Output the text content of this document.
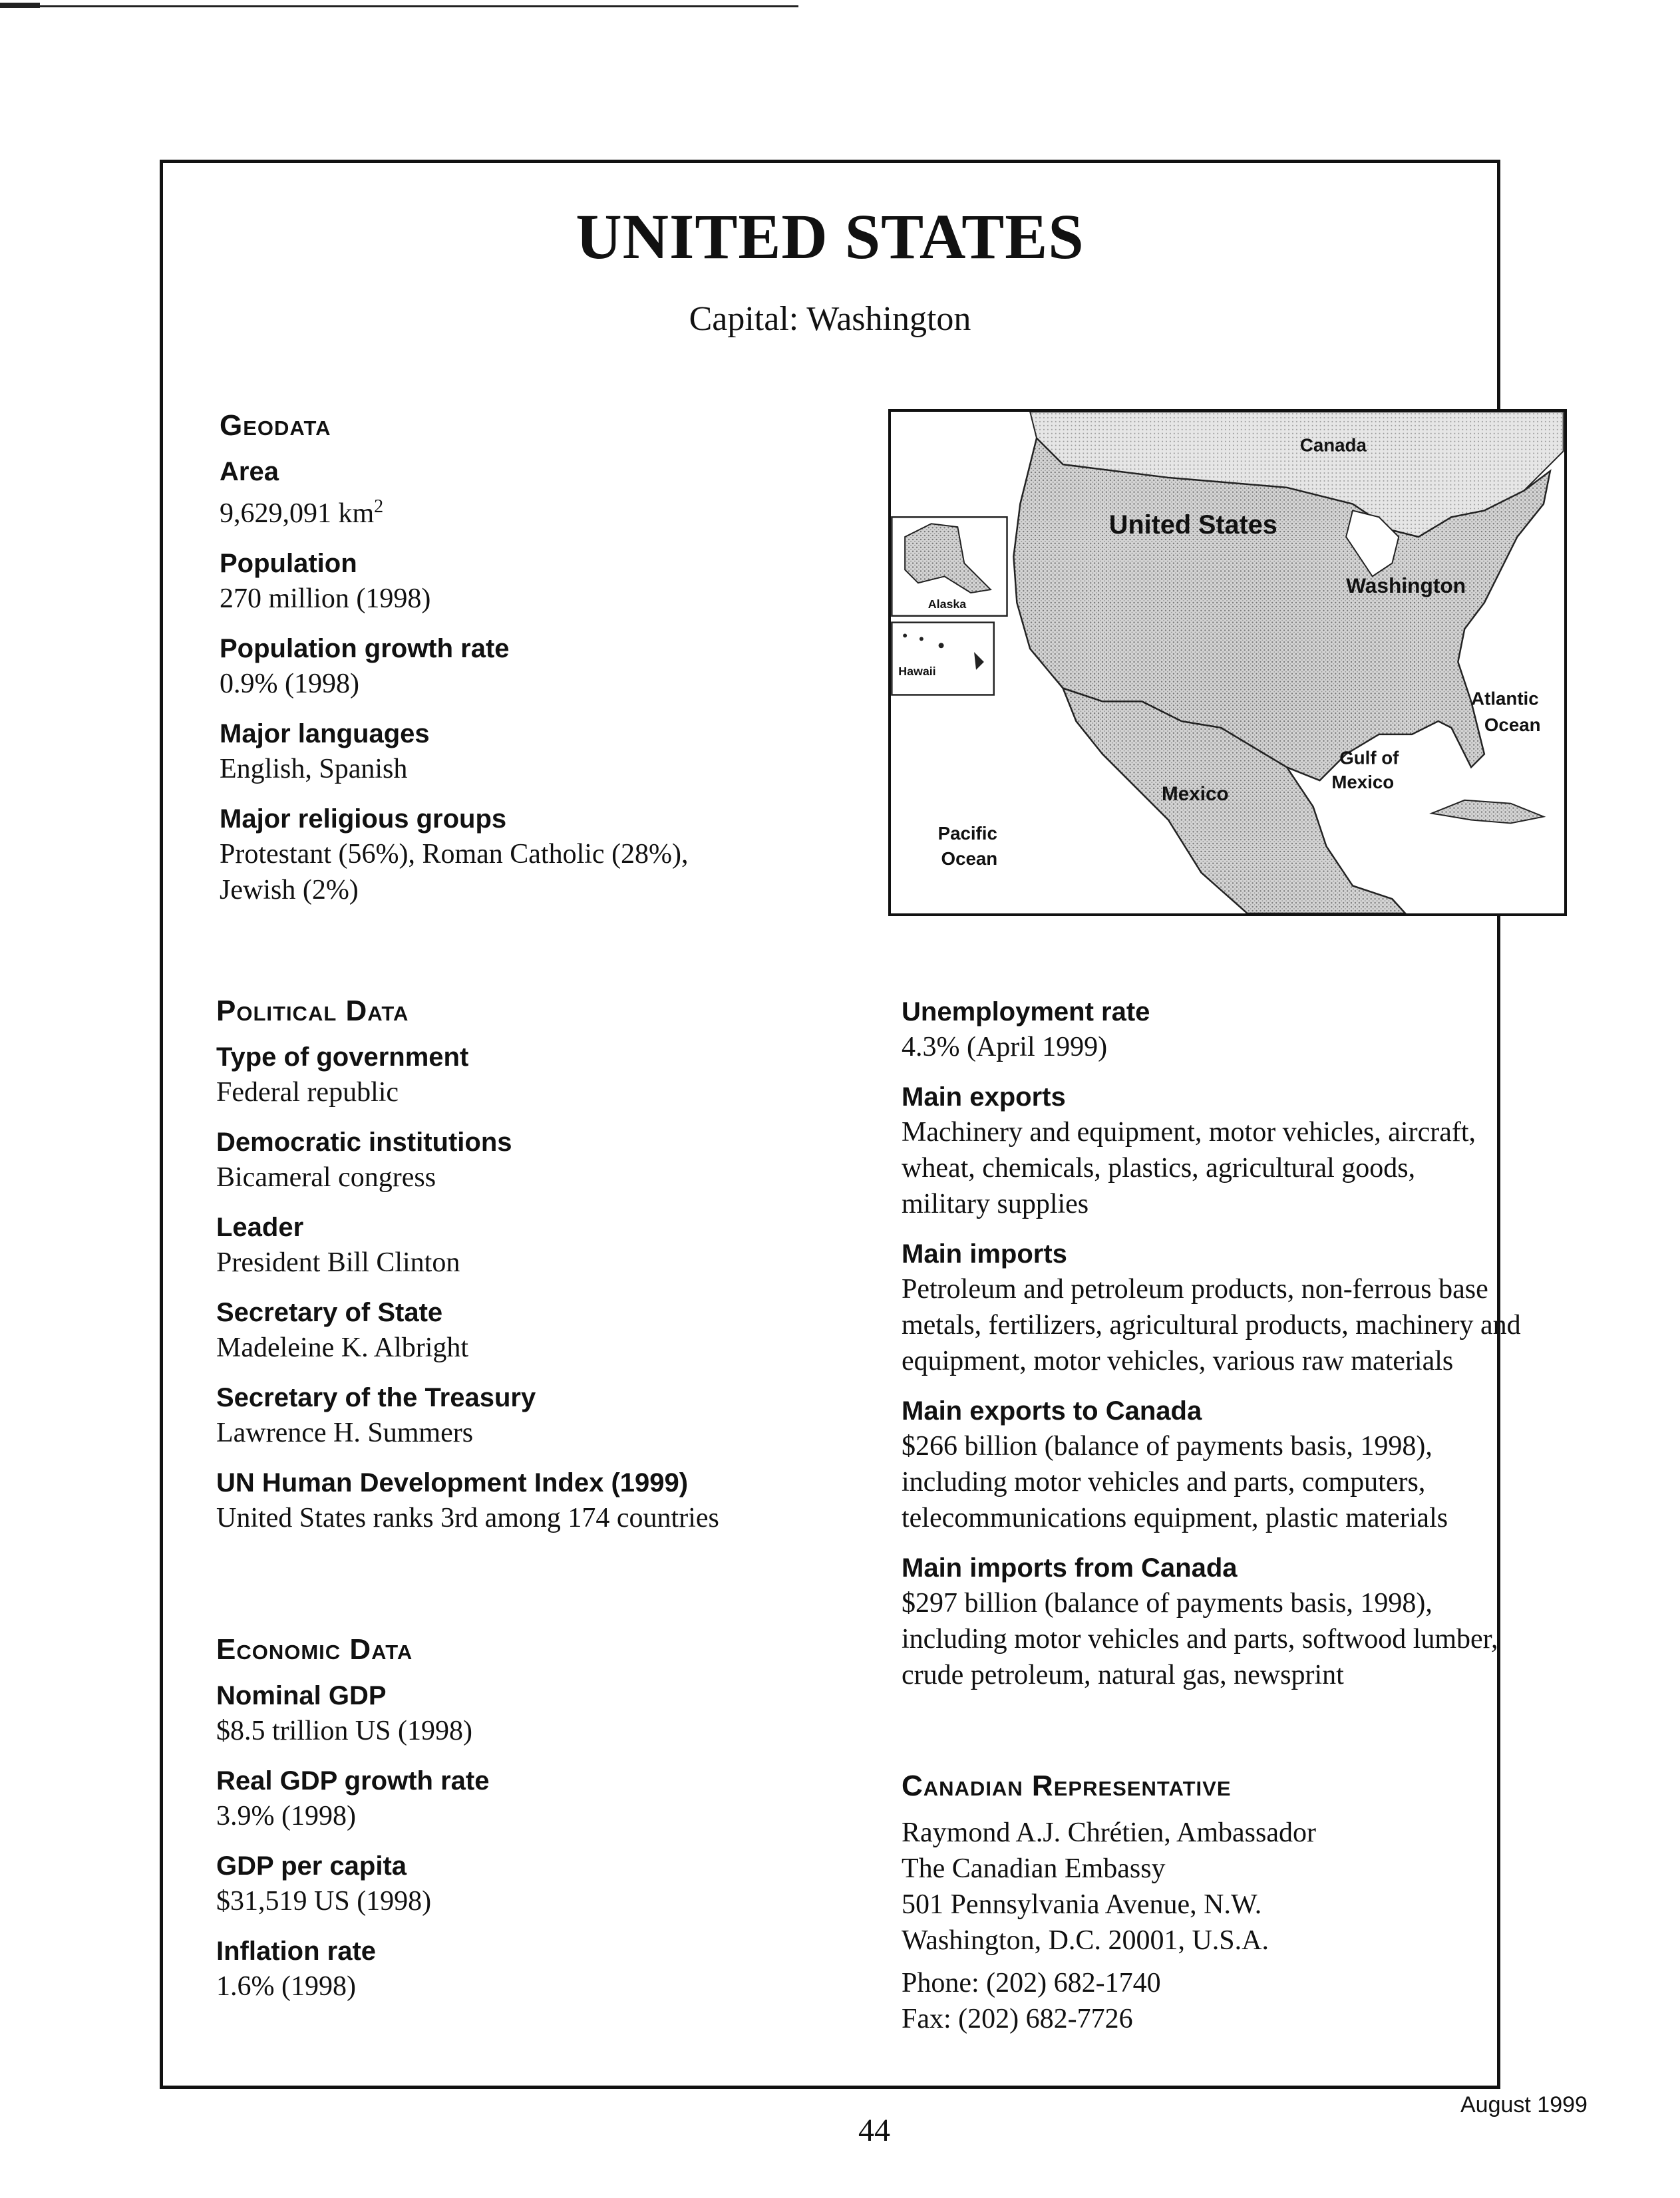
UNITED STATES
Capital: Washington

Geodata

Area

9,629,091 $km^2$

Population

270 million (1998)

Population growth rate

0.9% (1998)

Major languages

English, Spanish

Major religious groups

Protestant (56%), Roman Catholic (28%),

Jewish (2%)

Canada
United States
Alaska
Hawaii
Washington
Atlantic
Ocean
Gulf of
Mexico
Mexico
Pacific
Ocean

Political Data

Type of government

Federal republic

Democratic institutions

Bicameral congress

Leader

President Bill Clinton

Secretary of State

Madeleine K. Albright

Secretary of the Treasury

Lawrence H. Summers

UN Human Development Index (1999)

United States ranks 3rd among 174 countries

Economic Data

Nominal GDP

$8.5 trillion US (1998)

Real GDP growth rate

3.9% (1998)

GDP per capita

$31,519 US (1998)

Inflation rate

1.6% (1998)

Unemployment rate

4.3% (April 1999)

Main exports

Machinery and equipment, motor vehicles, aircraft,

wheat, chemicals, plastics, agricultural goods,

military supplies

Main imports

Petroleum and petroleum products, non-ferrous base

metals, fertilizers, agricultural products, machinery and

equipment, motor vehicles, various raw materials

Main exports to Canada

$266 billion (balance of payments basis, 1998),

including motor vehicles and parts, computers,

telecommunications equipment, plastic materials

Main imports from Canada

$297 billion (balance of payments basis, 1998),

including motor vehicles and parts, softwood lumber,

crude petroleum, natural gas, newsprint

Canadian Representative

Raymond A.J. Chrétien, Ambassador

The Canadian Embassy

501 Pennsylvania Avenue, N.W.

Washington, D.C. 20001, U.S.A.

Phone: (202) 682-1740

Fax: (202) 682-7726

44
August 1999
